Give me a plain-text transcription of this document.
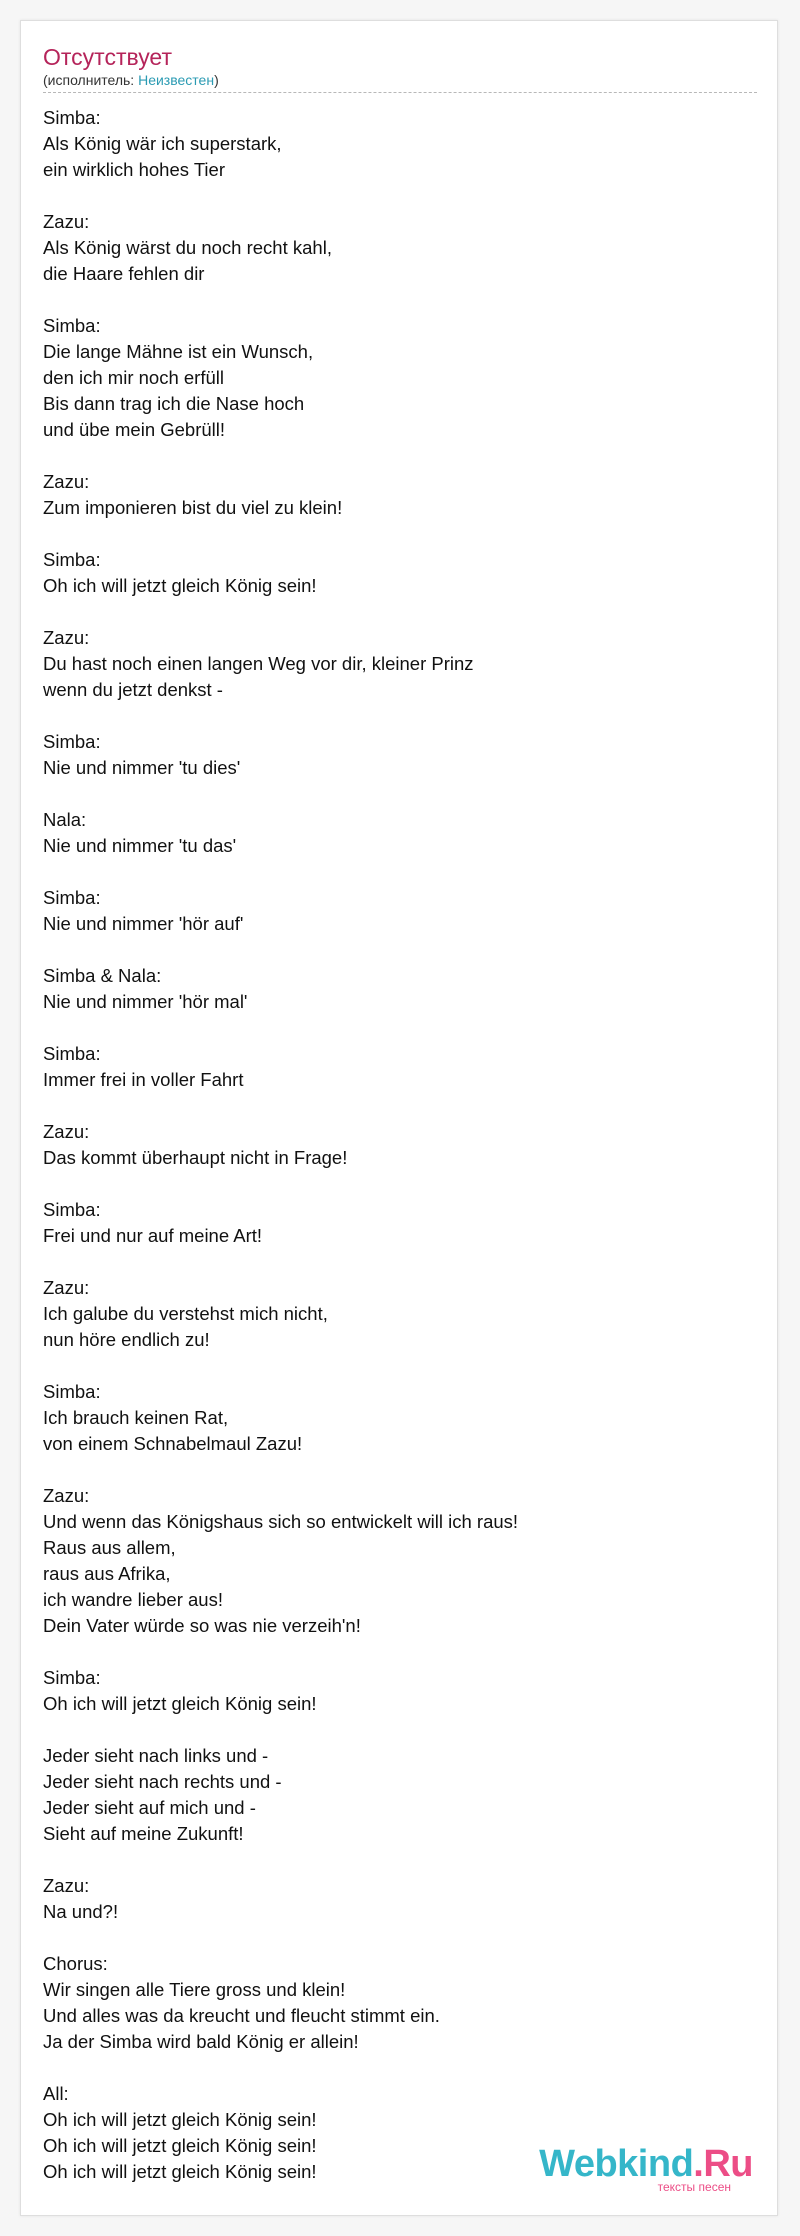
Отсутствует
(исполнитель: Неизвестен)
Simba:
Als König wär ich superstark,
ein wirklich hohes Tier
Zazu:
Als König wärst du noch recht kahl,
die Haare fehlen dir
Simba:
Die lange Mähne ist ein Wunsch,
den ich mir noch erfüll
Bis dann trag ich die Nase hoch
und übe mein Gebrüll!
Zazu:
Zum imponieren bist du viel zu klein!
Simba:
Oh ich will jetzt gleich König sein!
Zazu:
Du hast noch einen langen Weg vor dir, kleiner Prinz
wenn du jetzt denkst -
Simba:
Nie und nimmer 'tu dies'
Nala:
Nie und nimmer 'tu das'
Simba:
Nie und nimmer 'hör auf'
Simba & Nala:
Nie und nimmer 'hör mal'
Simba:
Immer frei in voller Fahrt
Zazu:
Das kommt überhaupt nicht in Frage!
Simba:
Frei und nur auf meine Art!
Zazu:
Ich galube du verstehst mich nicht,
nun höre endlich zu!
Simba:
Ich brauch keinen Rat,
von einem Schnabelmaul Zazu!
Zazu:
Und wenn das Königshaus sich so entwickelt will ich raus!
Raus aus allem,
raus aus Afrika,
ich wandre lieber aus!
Dein Vater würde so was nie verzeih'n!
Simba:
Oh ich will jetzt gleich König sein!
Jeder sieht nach links und -
Jeder sieht nach rechts und -
Jeder sieht auf mich und -
Sieht auf meine Zukunft!
Zazu:
Na und?!
Chorus:
Wir singen alle Tiere gross und klein!
Und alles was da kreucht und fleucht stimmt ein.
Ja der Simba wird bald König er allein!
All:
Oh ich will jetzt gleich König sein!
Oh ich will jetzt gleich König sein!
Oh ich will jetzt gleich König sein!	Webkind.Ru
тексты песен
